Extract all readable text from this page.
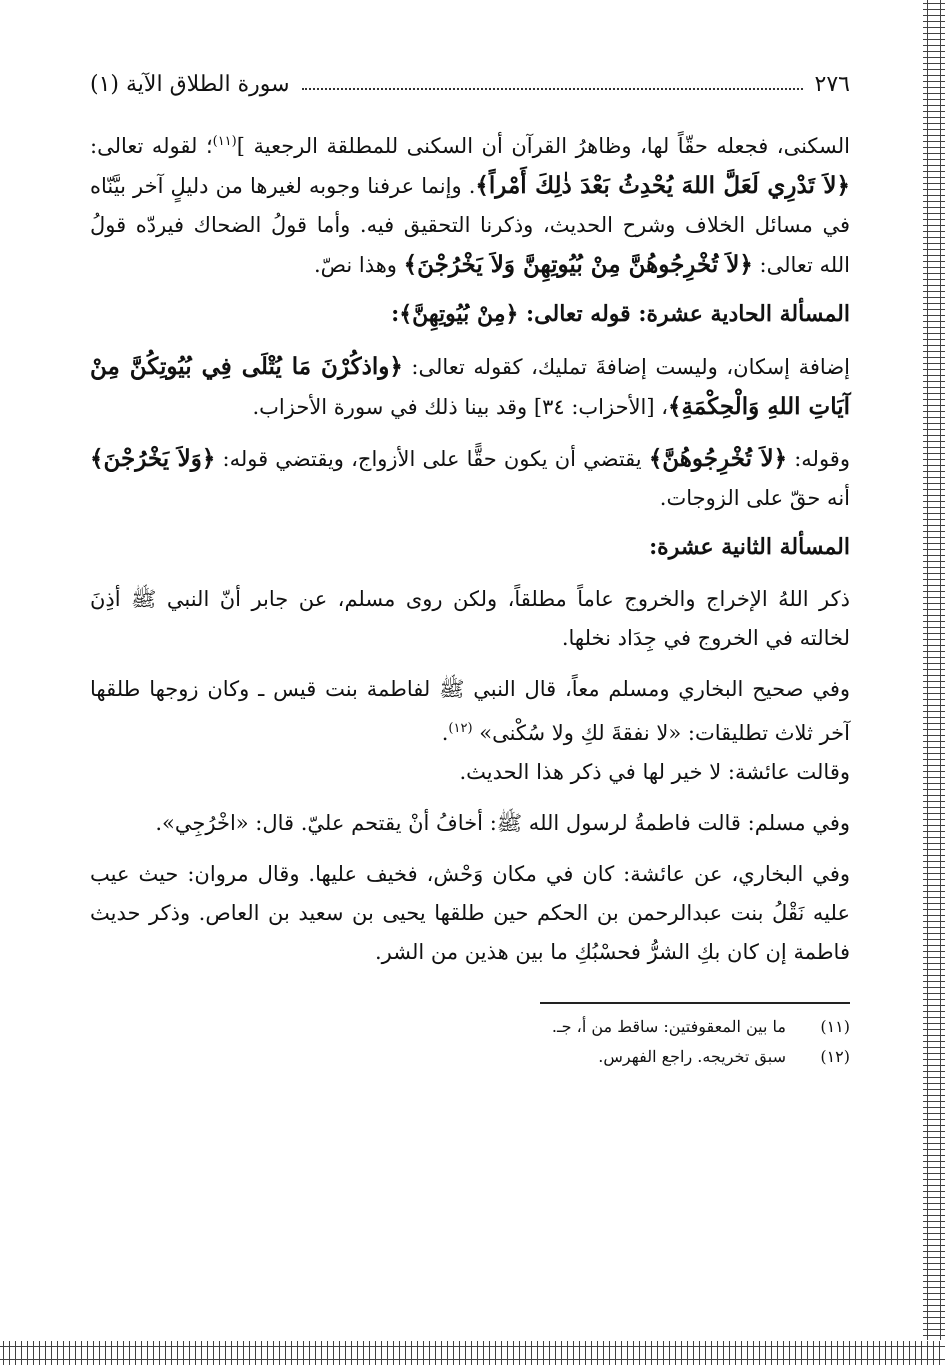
٢٧٦
سورة الطلاق الآية (١)

السكنى، فجعله حقّاً لها، وظاهرُ القرآن أن السكنى للمطلقة الرجعية ]$^{(١١)}$؛ لقوله تعالى: ﴿لاَ تَدْرِي لَعَلَّ اللهَ يُحْدِثُ بَعْدَ ذٰلِكَ أَمْراً﴾. وإنما عرفنا وجوبه لغيرها من دليلٍ آخر بيَّنّاه في مسائل الخلاف وشرح الحديث، وذكرنا التحقيق فيه. وأما قولُ الضحاك فيردّه قولُ الله تعالى: ﴿لاَ تُخْرِجُوهُنَّ مِنْ بُيُوتِهِنَّ وَلاَ يَخْرُجْنَ﴾ وهذا نصّ.

المسألة الحادية عشرة: قوله تعالى: ﴿مِنْ بُيُوتِهِنَّ﴾:

إضافة إسكان، وليست إضافةَ تمليك، كقوله تعالى: ﴿واذكُرْنَ مَا يُتْلَى فِي بُيُوتِكُنَّ مِنْ آيَاتِ اللهِ وَالْحِكْمَةِ﴾، [الأحزاب: ٣٤] وقد بينا ذلك في سورة الأحزاب.

وقوله: ﴿لاَ تُخْرِجُوهُنَّ﴾ يقتضي أن يكون حقًّا على الأزواج، ويقتضي قوله: ﴿وَلاَ يَخْرُجْنَ﴾ أنه حقّ على الزوجات.

المسألة الثانية عشرة:

ذكر اللهُ الإخراج والخروج عاماً مطلقاً، ولكن روى مسلم، عن جابر أنّ النبي ﷺ أذِنَ لخالته في الخروج في جِدَاد نخلها.

وفي صحيح البخاري ومسلم معاً، قال النبي ﷺ لفاطمة بنت قيس ـ وكان زوجها طلقها آخر ثلاث تطليقات: «لا نفقةَ لكِ ولا سُكْنى» $^{(١٢)}$.

وقالت عائشة: لا خير لها في ذكر هذا الحديث.

وفي مسلم: قالت فاطمةُ لرسول الله ﷺ: أخافُ أنْ يقتحم عليّ. قال: «اخْرُجِي».

وفي البخاري، عن عائشة: كان في مكان وَحْش، فخيف عليها. وقال مروان: حيث عيب عليه نَقْلُ بنت عبدالرحمن بن الحكم حين طلقها يحيى بن سعيد بن العاص. وذكر حديث فاطمة إن كان بكِ الشرُّ فحسْبُكِ ما بين هذين من الشر.

(١١)
ما بين المعقوفتين: ساقط من أ، جـ.
(١٢)
سبق تخريجه. راجع الفهرس.
